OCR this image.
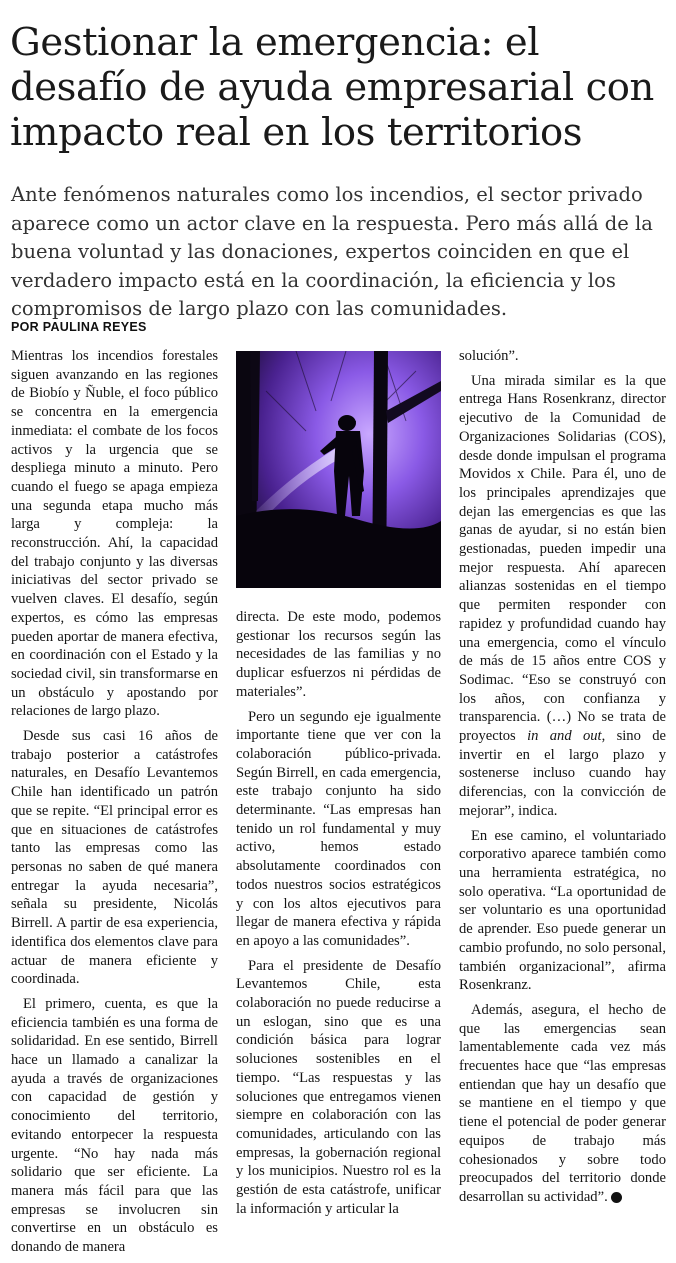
Gestionar la emergencia: el desafío de ayuda empresarial con impacto real en los territorios

Ante fenómenos naturales como los incendios, el sector privado aparece como un actor clave en la respuesta. Pero más allá de la buena voluntad y las donaciones, expertos coinciden en que el verdadero impacto está en la coordinación, la eficiencia y los compromisos de largo plazo con las comunidades.

POR PAULINA REYES

Mientras los incendios forestales siguen avanzando en las regiones de Biobío y Ñuble, el foco público se concentra en la emergencia inmediata: el combate de los focos activos y la urgencia que se despliega minuto a minuto. Pero cuando el fuego se apaga empieza una segunda etapa mucho más larga y compleja: la reconstrucción. Ahí, la capacidad del trabajo conjunto y las diversas iniciativas del sector privado se vuelven claves. El desafío, según expertos, es cómo las empresas pueden aportar de manera efectiva, en coordinación con el Estado y la sociedad civil, sin transformarse en un obstáculo y apostando por relaciones de largo plazo.

Desde sus casi 16 años de trabajo posterior a catástrofes naturales, en Desafío Levantemos Chile han identificado un patrón que se repite. “El principal error es que en situaciones de catástrofes tanto las empresas como las personas no saben de qué manera entregar la ayuda necesaria”, señala su presidente, Nicolás Birrell. A partir de esa experiencia, identifica dos elementos clave para actuar de manera eficiente y coordinada.

El primero, cuenta, es que la eficiencia también es una forma de solidaridad. En ese sentido, Birrell hace un llamado a canalizar la ayuda a través de organizaciones con capacidad de gestión y conocimiento del territorio, evitando entorpecer la respuesta urgente. “No hay nada más solidario que ser eficiente. La manera más fácil para que las empresas se involucren sin convertirse en un obstáculo es donando de manera

directa. De este modo, podemos gestionar los recursos según las necesidades de las familias y no duplicar esfuerzos ni pérdidas de materiales”.

Pero un segundo eje igualmente importante tiene que ver con la colaboración público-privada. Según Birrell, en cada emergencia, este trabajo conjunto ha sido determinante. “Las empresas han tenido un rol fundamental y muy activo, hemos estado absolutamente coordinados con todos nuestros socios estratégicos y con los altos ejecutivos para llegar de manera efectiva y rápida en apoyo a las comunidades”.

Para el presidente de Desafío Levantemos Chile, esta colaboración no puede reducirse a un eslogan, sino que es una condición básica para lograr soluciones sostenibles en el tiempo. “Las respuestas y las soluciones que entregamos vienen siempre en colaboración con las comunidades, articulando con las empresas, la gobernación regional y los municipios. Nuestro rol es la gestión de esta catástrofe, unificar la información y articular la

solución”.

Una mirada similar es la que entrega Hans Rosenkranz, director ejecutivo de la Comunidad de Organizaciones Solidarias (COS), desde donde impulsan el programa Movidos x Chile. Para él, uno de los principales aprendizajes que dejan las emergencias es que las ganas de ayudar, si no están bien gestionadas, pueden impedir una mejor respuesta. Ahí aparecen alianzas sostenidas en el tiempo que permiten responder con rapidez y profundidad cuando hay una emergencia, como el vínculo de más de 15 años entre COS y Sodimac. “Eso se construyó con los años, con confianza y transparencia. (…) No se trata de proyectos in and out, sino de invertir en el largo plazo y sostenerse incluso cuando hay diferencias, con la convicción de mejorar”, indica.

En ese camino, el voluntariado corporativo aparece también como una herramienta estratégica, no solo operativa. “La oportunidad de ser voluntario es una oportunidad de aprender. Eso puede generar un cambio profundo, no solo personal, también organizacional”, afirma Rosenkranz.

Además, asegura, el hecho de que las emergencias sean lamentablemente cada vez más frecuentes hace que “las empresas entiendan que hay un desafío que se mantiene en el tiempo y que tiene el potencial de poder generar equipos de trabajo más cohesionados y sobre todo preocupados del territorio donde desarrollan su actividad”. P
